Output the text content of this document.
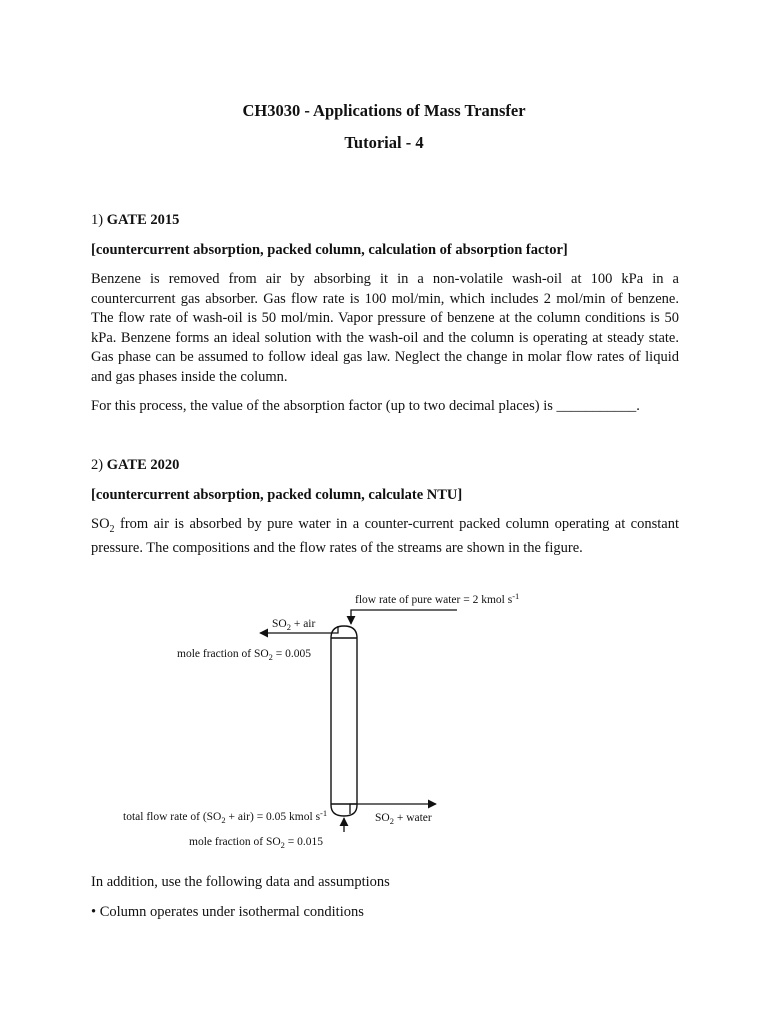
CH3030 - Applications of Mass Transfer
Tutorial - 4
1) GATE 2015
[countercurrent absorption, packed column, calculation of absorption factor]
Benzene is removed from air by absorbing it in a non-volatile wash-oil at 100 kPa in a countercurrent gas absorber. Gas flow rate is 100 mol/min, which includes 2 mol/min of benzene. The flow rate of wash-oil is 50 mol/min. Vapor pressure of benzene at the column conditions is 50 kPa. Benzene forms an ideal solution with the wash-oil and the column is operating at steady state. Gas phase can be assumed to follow ideal gas law. Neglect the change in molar flow rates of liquid and gas phases inside the column.
For this process, the value of the absorption factor (up to two decimal places) is ___________.
2) GATE 2020
[countercurrent absorption, packed column, calculate NTU]
$SO_2$ from air is absorbed by pure water in a counter-current packed column operating at constant pressure. The compositions and the flow rates of the streams are shown in the figure.
flow rate of pure water = 2 kmol $s^{-1}$
$SO_2$ + air
mole fraction of $SO_2 = 0.005$
total flow rate of $(SO_2 + air) = 0.05$ kmol $s^{-1}$
mole fraction of $SO_2 = 0.015$
$SO_2$ + water
In addition, use the following data and assumptions
• Column operates under isothermal conditions
